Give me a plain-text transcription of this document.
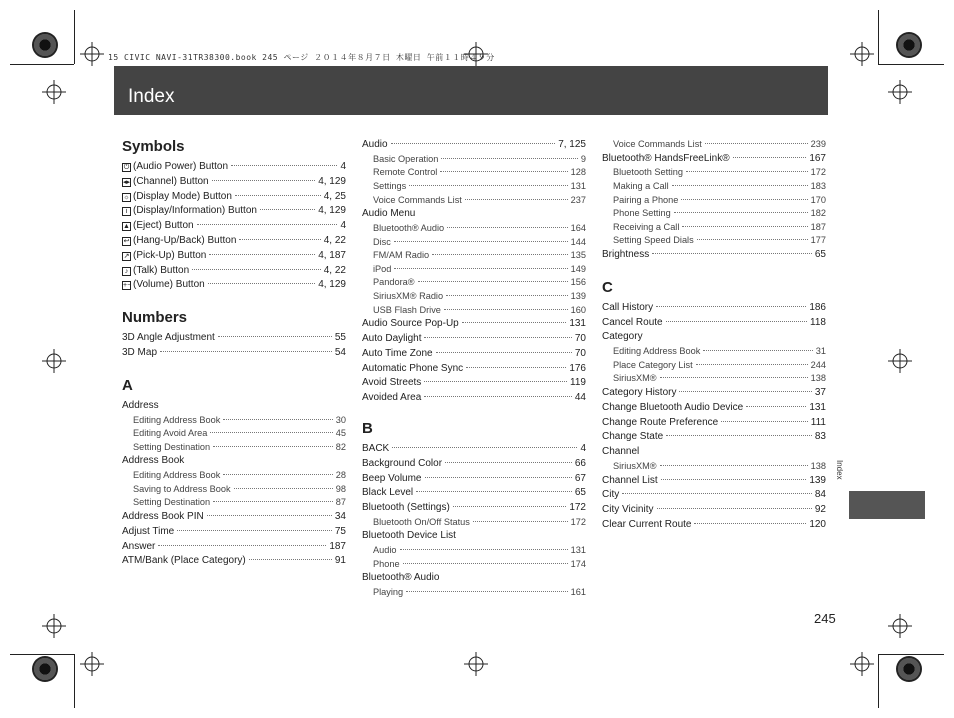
15 CIVIC NAVI-31TR38300.book 245 ページ ２０１４年８月７日 木曜日 午前１１時４９分
Index
Symbols
⏻ (Audio Power) Button	4
◂▸ (Channel) Button	4, 129
☼ (Display Mode) Button	4, 25
i (Display/Information) Button	4, 129
▲ (Eject) Button	4
↩ (Hang-Up/Back) Button	4, 22
↗ (Pick-Up) Button	4, 187
♪ (Talk) Button	4, 22
+− (Volume) Button	4, 129
Numbers
3D Angle Adjustment	55
3D Map	54
A
Address
Editing Address Book	30
Editing Avoid Area	45
Setting Destination	82
Address Book
Editing Address Book	28
Saving to Address Book	98
Setting Destination	87
Address Book PIN	34
Adjust Time	75
Answer	187
ATM/Bank (Place Category)	91
Audio	7, 125
Basic Operation	9
Remote Control	128
Settings	131
Voice Commands List	237
Audio Menu
Bluetooth® Audio	164
Disc	144
FM/AM Radio	135
iPod	149
Pandora®	156
SiriusXM® Radio	139
USB Flash Drive	160
Audio Source Pop-Up	131
Auto Daylight	70
Auto Time Zone	70
Automatic Phone Sync	176
Avoid Streets	119
Avoided Area	44
B
BACK	4
Background Color	66
Beep Volume	67
Black Level	65
Bluetooth (Settings)	172
Bluetooth On/Off Status	172
Bluetooth Device List
Audio	131
Phone	174
Bluetooth® Audio
Playing	161
Voice Commands List	239
Bluetooth® HandsFreeLink®	167
Bluetooth Setting	172
Making a Call	183
Pairing a Phone	170
Phone Setting	182
Receiving a Call	187
Setting Speed Dials	177
Brightness	65
C
Call History	186
Cancel Route	118
Category
Editing Address Book	31
Place Category List	244
SiriusXM®	138
Category History	37
Change Bluetooth Audio Device	131
Change Route Preference	111
Change State	83
Channel
SiriusXM®	138
Channel List	139
City	84
City Vicinity	92
Clear Current Route	120
Index
245
